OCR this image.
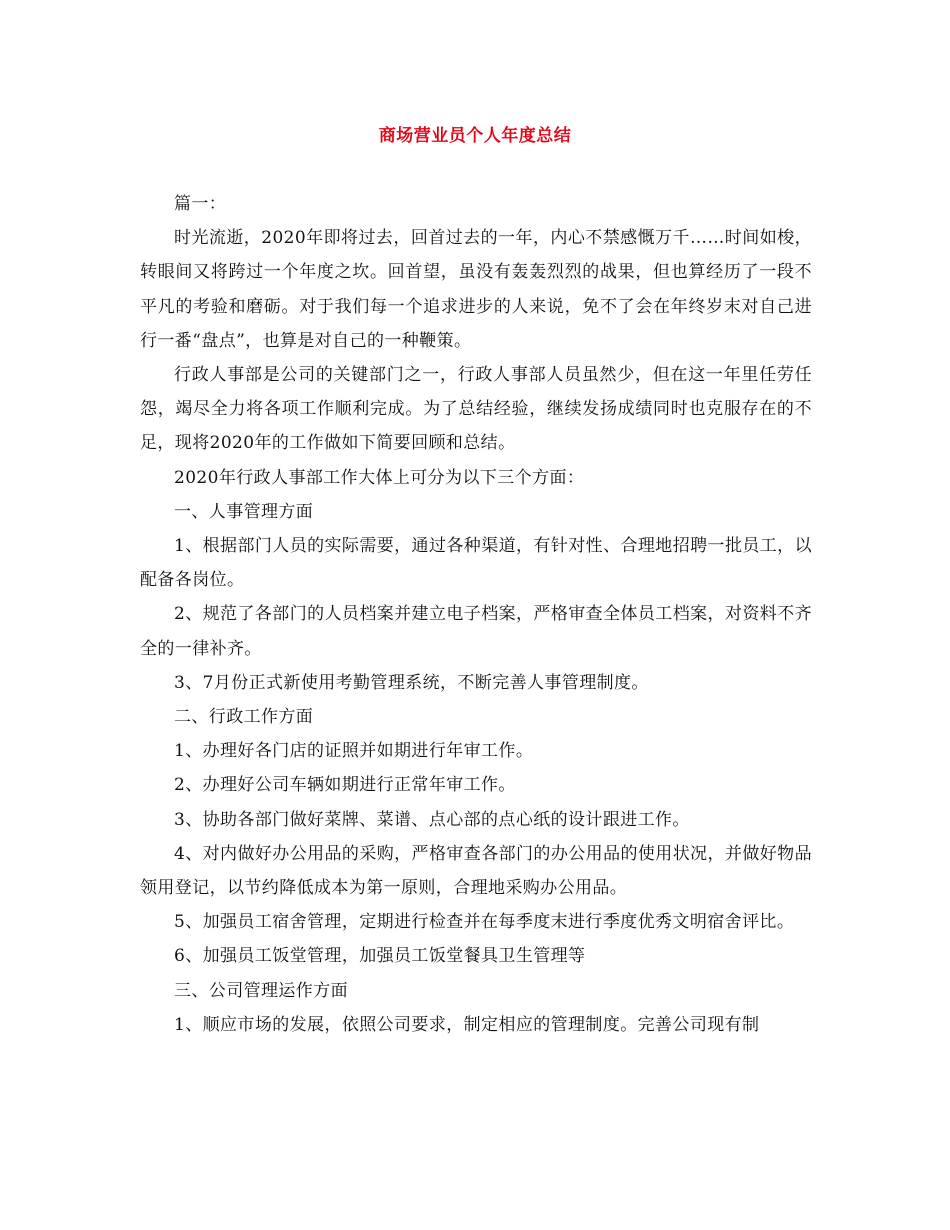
商场营业员个人年度总结

篇一：

时光流逝，2020年即将过去，回首过去的一年，内心不禁感慨万千……时间如梭，转眼间又将跨过一个年度之坎。回首望，虽没有轰轰烈烈的战果，但也算经历了一段不平凡的考验和磨砺。对于我们每一个追求进步的人来说，免不了会在年终岁末对自己进行一番“盘点”，也算是对自己的一种鞭策。

行政人事部是公司的关键部门之一，行政人事部人员虽然少，但在这一年里任劳任怨，竭尽全力将各项工作顺利完成。为了总结经验，继续发扬成绩同时也克服存在的不足，现将2020年的工作做如下简要回顾和总结。

2020年行政人事部工作大体上可分为以下三个方面：

一、人事管理方面

1、根据部门人员的实际需要，通过各种渠道，有针对性、合理地招聘一批员工，以配备各岗位。

2、规范了各部门的人员档案并建立电子档案，严格审查全体员工档案，对资料不齐全的一律补齐。

3、7月份正式新使用考勤管理系统，不断完善人事管理制度。

二、行政工作方面

1、办理好各门店的证照并如期进行年审工作。

2、办理好公司车辆如期进行正常年审工作。

3、协助各部门做好菜牌、菜谱、点心部的点心纸的设计跟进工作。

4、对内做好办公用品的采购，严格审查各部门的办公用品的使用状况，并做好物品领用登记，以节约降低成本为第一原则，合理地采购办公用品。

5、加强员工宿舍管理，定期进行检查并在每季度末进行季度优秀文明宿舍评比。

6、加强员工饭堂管理，加强员工饭堂餐具卫生管理等

三、公司管理运作方面

1、顺应市场的发展，依照公司要求，制定相应的管理制度。完善公司现有制
